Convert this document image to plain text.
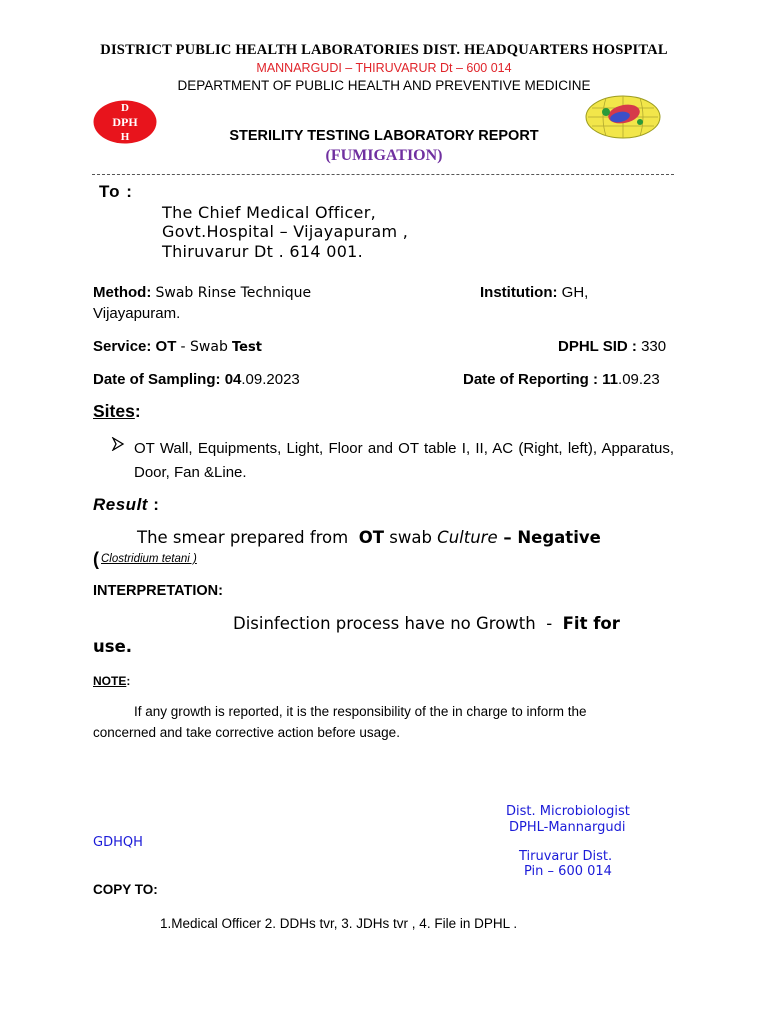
DISTRICT PUBLIC HEALTH LABORATORIES DIST. HEADQUARTERS HOSPITAL
MANNARGUDI – THIRUVARUR Dt – 600 014
DEPARTMENT OF PUBLIC HEALTH AND PREVENTIVE MEDICINE
D
DPH
H	STERILITY TESTING LABORATORY REPORT
(FUMIGATION)
To :
The Chief Medical Officer,
Govt.Hospital – Vijayapuram ,
Thiruvarur Dt . 614 001.
Method: Swab Rinse Technique	Institution: GH,
Vijayapuram.
Service: OT - Swab Test	DPHL SID : 330
Date of Sampling: 04.09.2023	Date of Reporting : 11.09.23
Sites:
OT Wall, Equipments, Light, Floor and OT table I, II, AC (Right, left), Apparatus, Door, Fan &Line.
Result :
The smear prepared from  OT swab Culture – Negative
( Clostridium tetani )
INTERPRETATION:
Disinfection process have no Growth  -  Fit for
use.
NOTE:
If any growth is reported, it is the responsibility of the in charge to inform the
concerned and take corrective action before usage.
Dist. Microbiologist
DPHL-Mannargudi
GDHQH
Tiruvarur Dist.
Pin – 600 014
COPY TO:
1.Medical Officer 2. DDHs tvr, 3. JDHs tvr , 4. File in DPHL .
